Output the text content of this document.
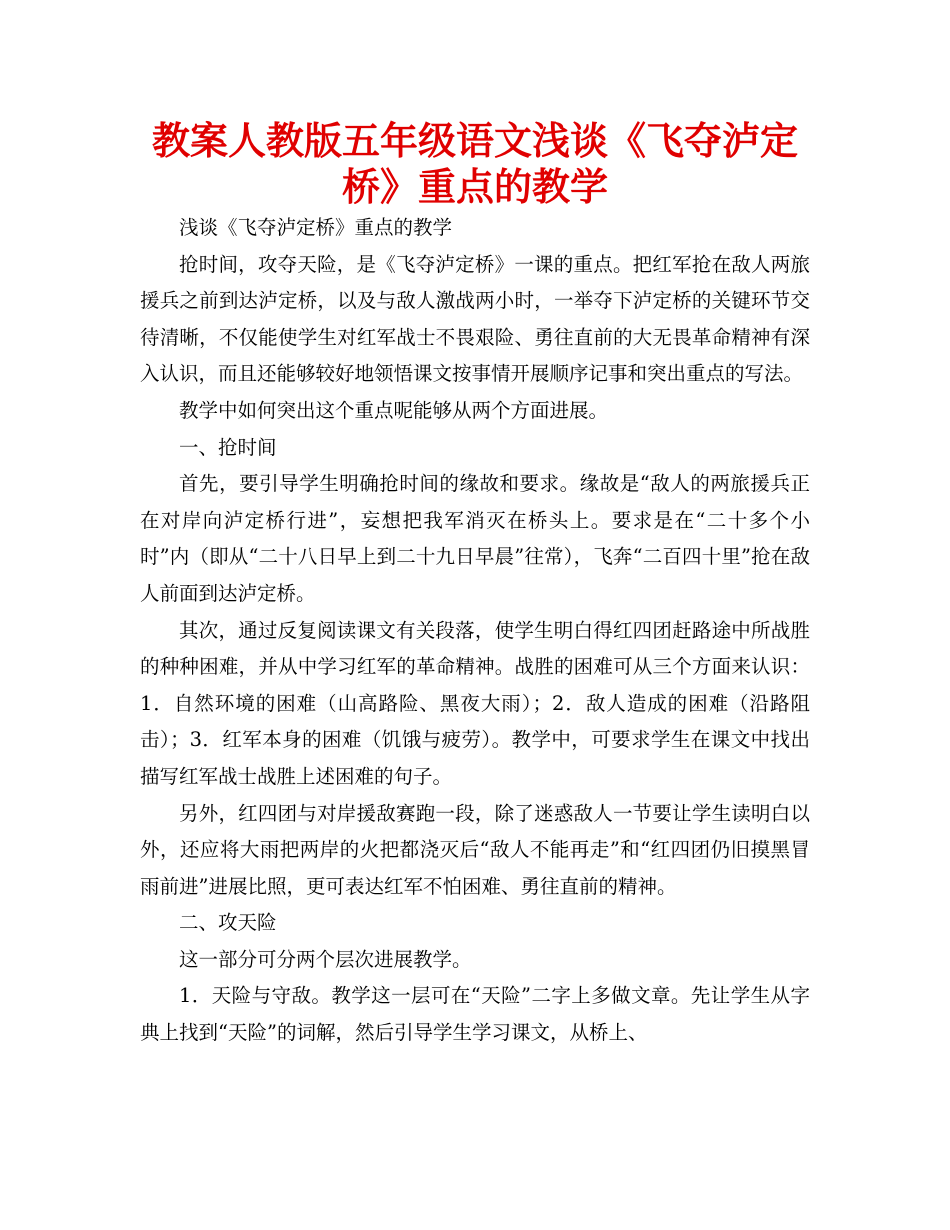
教案人教版五年级语文浅谈《飞夺泸定桥》重点的教学

浅谈《飞夺泸定桥》重点的教学

抢时间，攻夺天险，是《飞夺泸定桥》一课的重点。把红军抢在敌人两旅援兵之前到达泸定桥，以及与敌人激战两小时，一举夺下泸定桥的关键环节交待清晰，不仅能使学生对红军战士不畏艰险、勇往直前的大无畏革命精神有深入认识，而且还能够较好地领悟课文按事情开展顺序记事和突出重点的写法。

教学中如何突出这个重点呢能够从两个方面进展。

一、抢时间

首先，要引导学生明确抢时间的缘故和要求。缘故是“敌人的两旅援兵正在对岸向泸定桥行进”，妄想把我军消灭在桥头上。要求是在“二十多个小时”内（即从“二十八日早上到二十九日早晨”往常），飞奔“二百四十里”抢在敌人前面到达泸定桥。

其次，通过反复阅读课文有关段落，使学生明白得红四团赶路途中所战胜的种种困难，并从中学习红军的革命精神。战胜的困难可从三个方面来认识：1．自然环境的困难（山高路险、黑夜大雨）；2．敌人造成的困难（沿路阻击）；3．红军本身的困难（饥饿与疲劳）。教学中，可要求学生在课文中找出描写红军战士战胜上述困难的句子。

另外，红四团与对岸援敌赛跑一段，除了迷惑敌人一节要让学生读明白以外，还应将大雨把两岸的火把都浇灭后“敌人不能再走”和“红四团仍旧摸黑冒雨前进”进展比照，更可表达红军不怕困难、勇往直前的精神。

二、攻天险

这一部分可分两个层次进展教学。

1．天险与守敌。教学这一层可在“天险”二字上多做文章。先让学生从字典上找到“天险”的词解，然后引导学生学习课文，从桥上、
